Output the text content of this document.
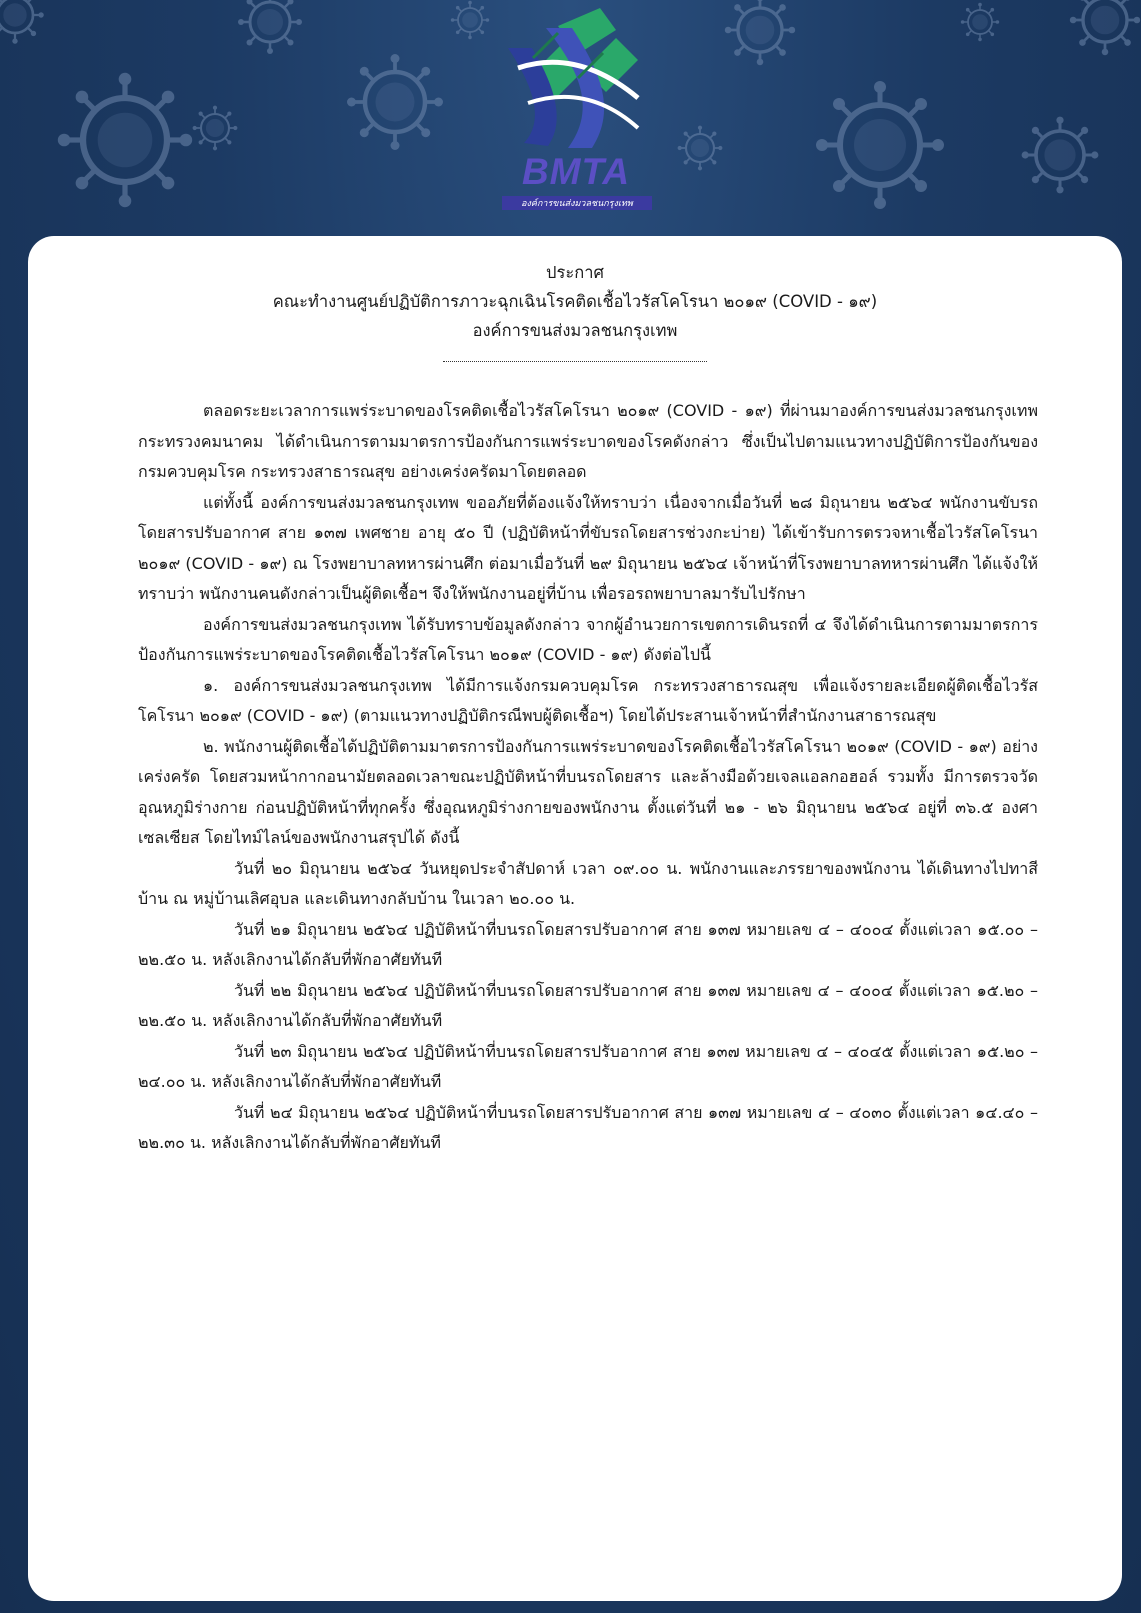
BMTA
องค์การขนส่งมวลชนกรุงเทพ
ประกาศ
คณะทำงานศูนย์ปฏิบัติการภาวะฉุกเฉินโรคติดเชื้อไวรัสโคโรนา ๒๐๑๙ (COVID - ๑๙)
องค์การขนส่งมวลชนกรุงเทพ

ตลอดระยะเวลาการแพร่ระบาดของโรคติดเชื้อไวรัสโคโรนา ๒๐๑๙ (COVID - ๑๙) ที่ผ่านมาองค์การขนส่งมวลชนกรุงเทพ กระทรวงคมนาคม ได้ดำเนินการตามมาตรการป้องกันการแพร่ระบาดของโรคดังกล่าว ซึ่งเป็นไปตามแนวทางปฏิบัติการป้องกันของกรมควบคุมโรค กระทรวงสาธารณสุข อย่างเคร่งครัดมาโดยตลอด

แต่ทั้งนี้ องค์การขนส่งมวลชนกรุงเทพ ขออภัยที่ต้องแจ้งให้ทราบว่า เนื่องจากเมื่อวันที่ ๒๘ มิถุนายน ๒๕๖๔ พนักงานขับรถโดยสารปรับอากาศ สาย ๑๓๗ เพศชาย อายุ ๕๐ ปี (ปฏิบัติหน้าที่ขับรถโดยสารช่วงกะบ่าย) ได้เข้ารับการตรวจหาเชื้อไวรัสโคโรนา ๒๐๑๙ (COVID - ๑๙) ณ โรงพยาบาลทหารผ่านศึก ต่อมาเมื่อวันที่ ๒๙ มิถุนายน ๒๕๖๔ เจ้าหน้าที่โรงพยาบาลทหารผ่านศึก ได้แจ้งให้ทราบว่า พนักงานคนดังกล่าวเป็นผู้ติดเชื้อฯ จึงให้พนักงานอยู่ที่บ้าน เพื่อรอรถพยาบาลมารับไปรักษา

องค์การขนส่งมวลชนกรุงเทพ ได้รับทราบข้อมูลดังกล่าว จากผู้อำนวยการเขตการเดินรถที่ ๔ จึงได้ดำเนินการตามมาตรการป้องกันการแพร่ระบาดของโรคติดเชื้อไวรัสโคโรนา ๒๐๑๙ (COVID - ๑๙) ดังต่อไปนี้

๑. องค์การขนส่งมวลชนกรุงเทพ ได้มีการแจ้งกรมควบคุมโรค กระทรวงสาธารณสุข เพื่อแจ้งรายละเอียดผู้ติดเชื้อไวรัสโคโรนา ๒๐๑๙ (COVID - ๑๙) (ตามแนวทางปฏิบัติกรณีพบผู้ติดเชื้อฯ) โดยได้ประสานเจ้าหน้าที่สำนักงานสาธารณสุข

๒. พนักงานผู้ติดเชื้อได้ปฏิบัติตามมาตรการป้องกันการแพร่ระบาดของโรคติดเชื้อไวรัสโคโรนา ๒๐๑๙ (COVID - ๑๙) อย่างเคร่งครัด โดยสวมหน้ากากอนามัยตลอดเวลาขณะปฏิบัติหน้าที่บนรถโดยสาร และล้างมือด้วยเจลแอลกอฮอล์ รวมทั้ง มีการตรวจวัดอุณหภูมิร่างกาย ก่อนปฏิบัติหน้าที่ทุกครั้ง ซึ่งอุณหภูมิร่างกายของพนักงาน ตั้งแต่วันที่ ๒๑ - ๒๖ มิถุนายน ๒๕๖๔ อยู่ที่ ๓๖.๕ องศาเซลเซียส โดยไทม์ไลน์ของพนักงานสรุปได้ ดังนี้

วันที่ ๒๐ มิถุนายน ๒๕๖๔ วันหยุดประจำสัปดาห์ เวลา ๐๙.๐๐ น. พนักงานและภรรยาของพนักงาน ได้เดินทางไปทาสีบ้าน ณ หมู่บ้านเลิศอุบล และเดินทางกลับบ้าน ในเวลา ๒๐.๐๐ น.

วันที่ ๒๑ มิถุนายน ๒๕๖๔ ปฏิบัติหน้าที่บนรถโดยสารปรับอากาศ สาย ๑๓๗ หมายเลข ๔ – ๔๐๐๔ ตั้งแต่เวลา ๑๕.๐๐ – ๒๒.๕๐ น. หลังเลิกงานได้กลับที่พักอาศัยทันที

วันที่ ๒๒ มิถุนายน ๒๕๖๔ ปฏิบัติหน้าที่บนรถโดยสารปรับอากาศ สาย ๑๓๗ หมายเลข ๔ – ๔๐๐๔ ตั้งแต่เวลา ๑๕.๒๐ – ๒๒.๕๐ น. หลังเลิกงานได้กลับที่พักอาศัยทันที

วันที่ ๒๓ มิถุนายน ๒๕๖๔ ปฏิบัติหน้าที่บนรถโดยสารปรับอากาศ สาย ๑๓๗ หมายเลข ๔ – ๔๐๔๕ ตั้งแต่เวลา ๑๕.๒๐ – ๒๔.๐๐ น. หลังเลิกงานได้กลับที่พักอาศัยทันที

วันที่ ๒๔ มิถุนายน ๒๕๖๔ ปฏิบัติหน้าที่บนรถโดยสารปรับอากาศ สาย ๑๓๗ หมายเลข ๔ – ๔๐๓๐ ตั้งแต่เวลา ๑๔.๔๐ – ๒๒.๓๐ น. หลังเลิกงานได้กลับที่พักอาศัยทันที
